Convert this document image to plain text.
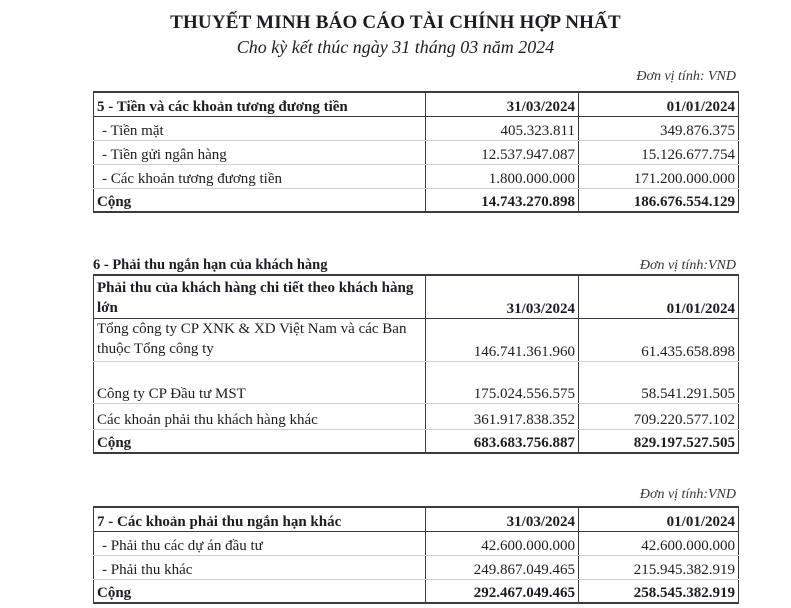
THUYẾT MINH BÁO CÁO TÀI CHÍNH HỢP NHẤT
Cho kỳ kết thúc ngày 31 tháng 03 năm 2024
Đơn vị tính: VND
5 - Tiền và các khoản tương đương tiền	31/03/2024	01/01/2024
- Tiền mặt	405.323.811	349.876.375
- Tiền gửi ngân hàng	12.537.947.087	15.126.677.754
- Các khoản tương đương tiền	1.800.000.000	171.200.000.000
Cộng	14.743.270.898	186.676.554.129
6 - Phải thu ngắn hạn của khách hàng	Đơn vị tính:VND
Phải thu của khách hàng chi tiết theo khách hàng lớn	31/03/2024	01/01/2024
Tổng công ty CP XNK & XD Việt Nam và các Ban thuộc Tổng công ty	146.741.361.960	61.435.658.898
Công ty CP Đầu tư MST	175.024.556.575	58.541.291.505
Các khoản phải thu khách hàng khác	361.917.838.352	709.220.577.102
Cộng	683.683.756.887	829.197.527.505
Đơn vị tính:VND
7 - Các khoản phải thu ngắn hạn khác	31/03/2024	01/01/2024
- Phải thu các dự án đầu tư	42.600.000.000	42.600.000.000
- Phải thu khác	249.867.049.465	215.945.382.919
Cộng	292.467.049.465	258.545.382.919
